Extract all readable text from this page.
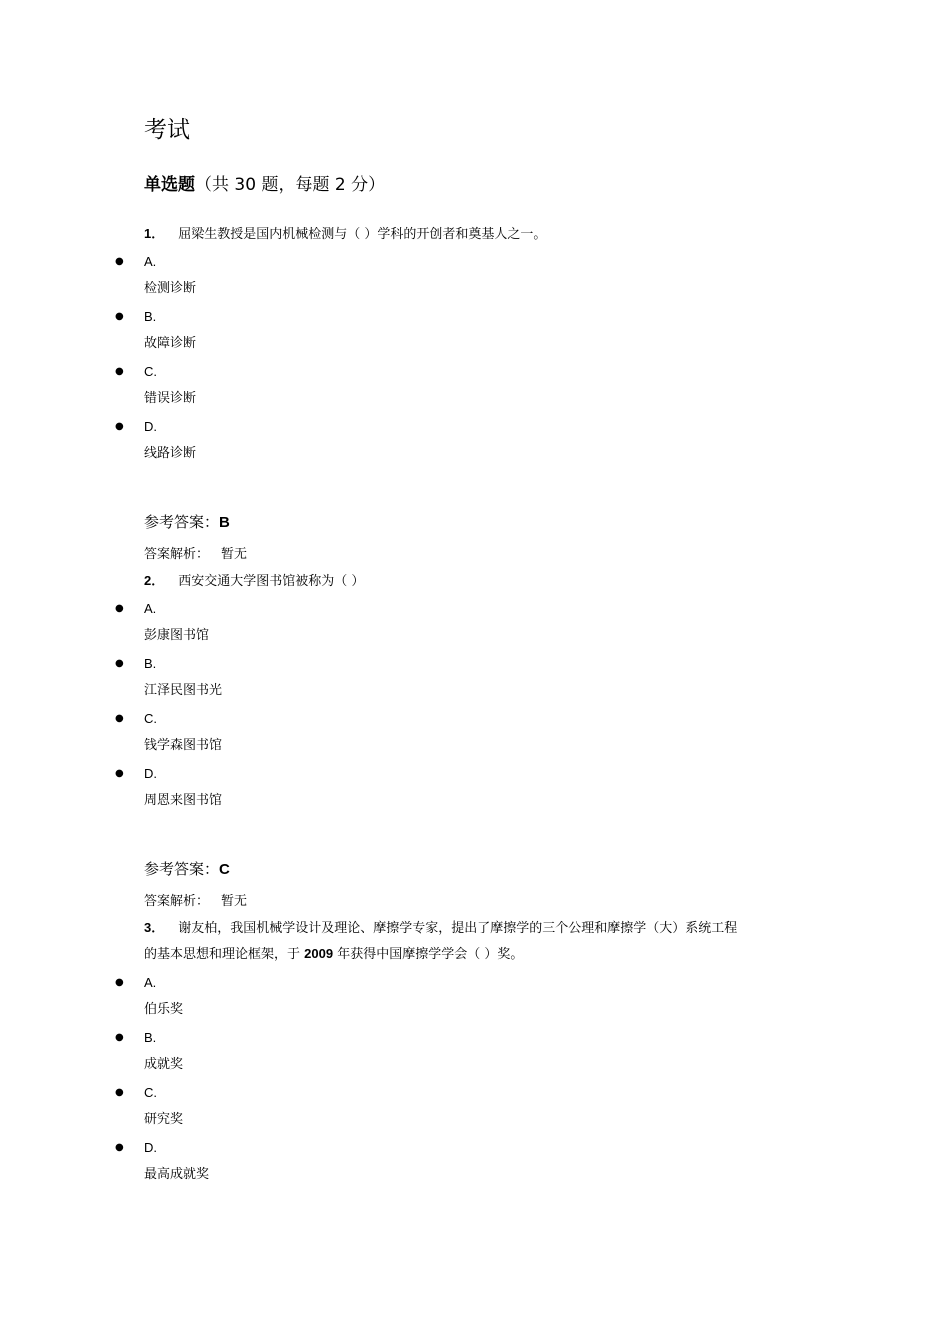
考试
单选题（共 30 题，每题 2 分）
1． 屈梁生教授是国内机械检测与（ ）学科的开创者和奠基人之一。
● A.
检测诊断
● B.
故障诊断
● C.
错误诊断
● D.
线路诊断
参考答案：B
答案解析： 暂无
2． 西安交通大学图书馆被称为（ ）
● A.
彭康图书馆
● B.
江泽民图书光
● C.
钱学森图书馆
● D.
周恩来图书馆
参考答案：C
答案解析： 暂无
3． 谢友柏，我国机械学设计及理论、摩擦学专家，提出了摩擦学的三个公理和摩擦学（大）系统工程
的基本思想和理论框架，于 2009 年获得中国摩擦学学会（ ）奖。
● A.
伯乐奖
● B.
成就奖
● C.
研究奖
● D.
最高成就奖
